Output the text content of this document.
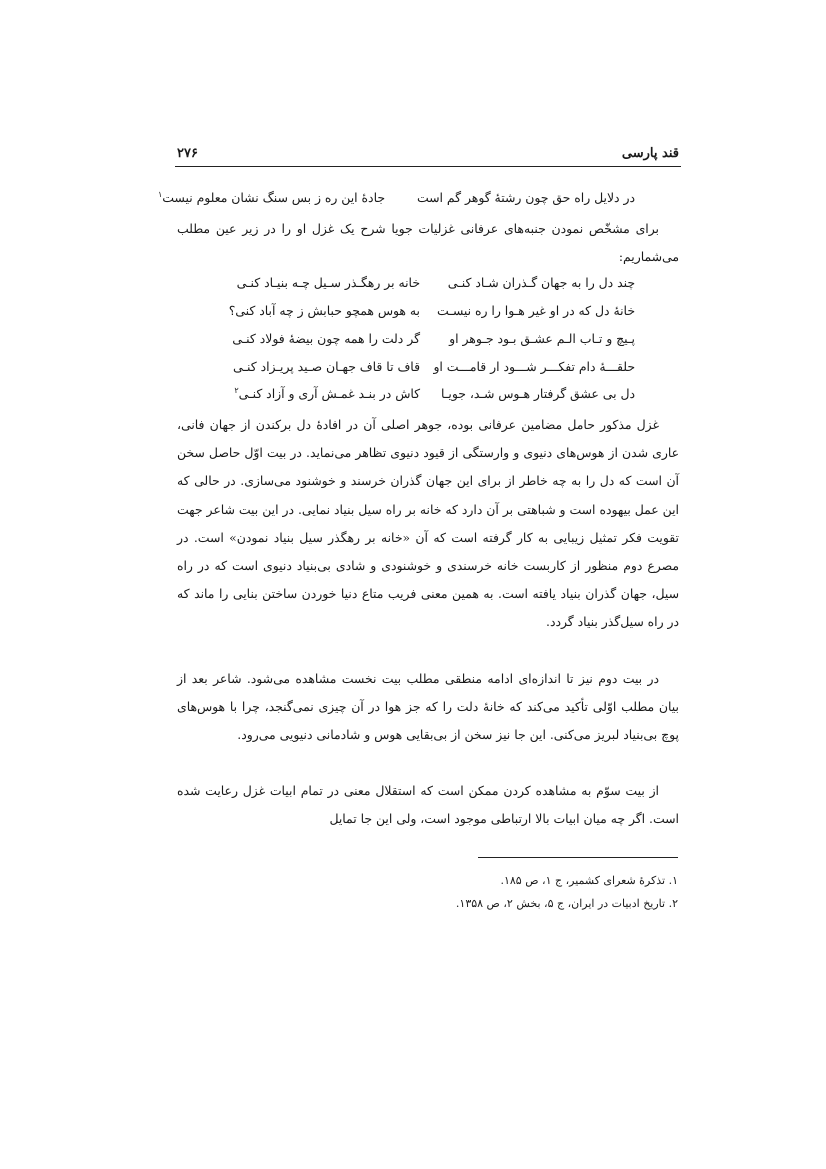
قند پارسی
۲۷۶
در دلایل راه حق چون رشتهٔ گوهر گم است
جادهٔ این ره ز بس سنگ نشان معلوم نیست$^۱$

برای مشخّص نمودن جنبه‌های عرفانی غزلیات جویا شرح یک غزل او را در زیر عین مطلب می‌شماریم:

چند دل را به جهان گـذران شـاد کنـی
خانه بر رهگـذر سـیل چـه بنیـاد کنـی
خانهٔ دل که در او غیر هـوا را ره نیسـت
به هوس همچو حبابش ز چه آباد کنی؟
پـیچ و تـاب الـم عشـق بـود جـوهر او
گر دلت را همه چون بیضهٔ فولاد کنـی
حلقـــهٔ دام تفکـــر شـــود ار قامـــت او
قاف تا قاف جهـان صـید پریـزاد کنـی
دل بی عشق گرفتار هـوس شـد، جویـا
کاش در بنـد غمـش آری و آزاد کنـی$^۲$

غزل مذکور حامل مضامین عرفانی بوده، جوهر اصلی آن در افادهٔ دل برکندن از جهان فانی، عاری شدن از هوس‌های دنیوی و وارستگی از قیود دنیوی تظاهر می‌نماید. در بیت اوّل حاصل سخن آن است که دل را به چه خاطر از برای این جهان گذران خرسند و خوشنود می‌سازی. در حالی که این عمل بیهوده است و شباهتی بر آن دارد که خانه بر راه سیل بنیاد نمایی. در این بیت شاعر جهت تقویت فکر تمثیل زیبایی به کار گرفته است که آن «خانه بر رهگذر سیل بنیاد نمودن» است. در مصرع دوم منظور از کاربست خانه خرسندی و خوشنودی و شادی بی‌بنیاد دنیوی است که در راه سیل، جهان گذران بنیاد یافته است. به همین معنی فریب متاع دنیا خوردن ساختن بنایی را ماند که در راه سیل‌گذر بنیاد گردد.

در بیت دوم نیز تا اندازه‌ای ادامه منطقی مطلب بیت نخست مشاهده می‌شود. شاعر بعد از بیان مطلب اوّلی تأکید می‌کند که خانهٔ دلت را که جز هوا در آن چیزی نمی‌گنجد، چرا با هوس‌های پوچ بی‌بنیاد لبریز می‌کنی. این جا نیز سخن از بی‌بقایی هوس و شادمانی دنیویی می‌رود.

از بیت سوّم به مشاهده کردن ممکن است که استقلال معنی در تمام ابیات غزل رعایت شده است. اگر چه میان ابیات بالا ارتباطی موجود است، ولی این جا تمایل

۱. تذکرهٔ شعرای کشمیر، ج ۱، ص ۱۸۵.
۲. تاریخ ادبیات در ایران، ج ۵، بخش ۲، ص ۱۳۵۸.
